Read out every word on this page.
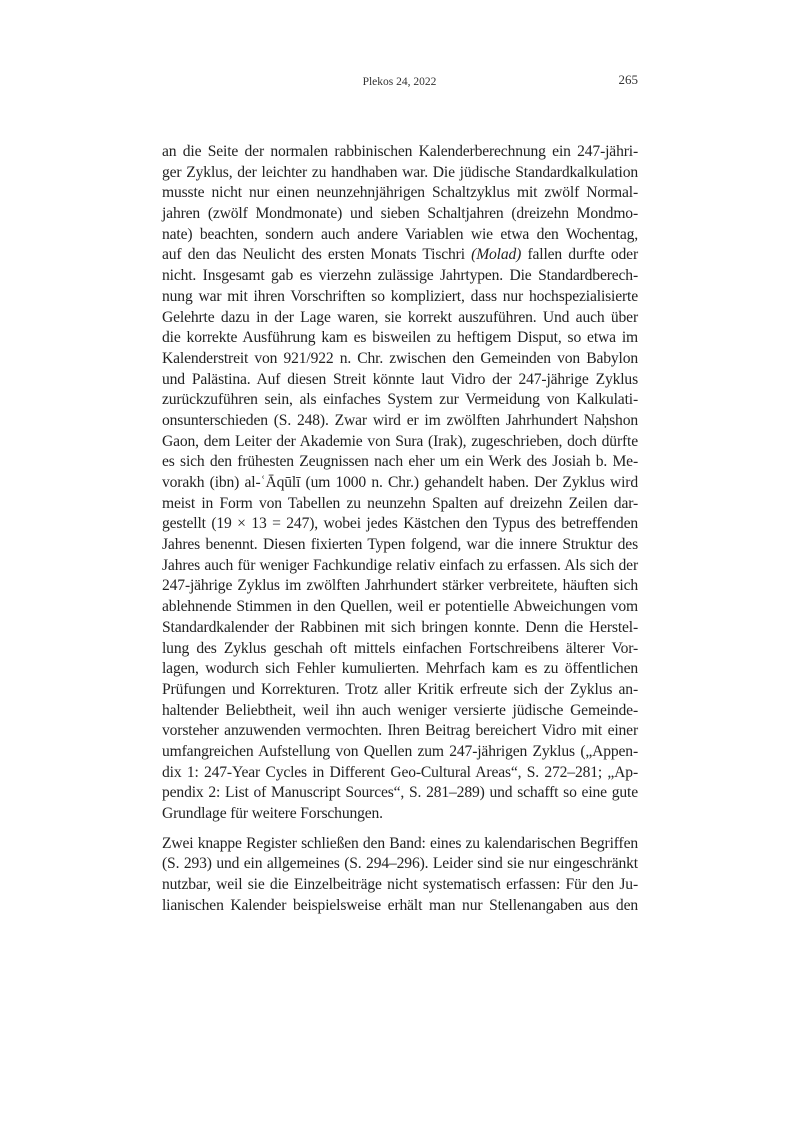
Plekos 24, 2022	265
an die Seite der normalen rabbinischen Kalenderberechnung ein 247-jähri-
ger Zyklus, der leichter zu handhaben war. Die jüdische Standardkalkulation
musste nicht nur einen neunzehnjährigen Schaltzyklus mit zwölf Normal-
jahren (zwölf Mondmonate) und sieben Schaltjahren (dreizehn Mondmo-
nate) beachten, sondern auch andere Variablen wie etwa den Wochentag,
auf den das Neulicht des ersten Monats Tischri (Molad) fallen durfte oder
nicht. Insgesamt gab es vierzehn zulässige Jahrtypen. Die Standardberech-
nung war mit ihren Vorschriften so kompliziert, dass nur hochspezialisierte
Gelehrte dazu in der Lage waren, sie korrekt auszuführen. Und auch über
die korrekte Ausführung kam es bisweilen zu heftigem Disput, so etwa im
Kalenderstreit von 921/922 n. Chr. zwischen den Gemeinden von Babylon
und Palästina. Auf diesen Streit könnte laut Vidro der 247-jährige Zyklus
zurückzuführen sein, als einfaches System zur Vermeidung von Kalkulati-
onsunterschieden (S. 248). Zwar wird er im zwölften Jahrhundert Naḥshon
Gaon, dem Leiter der Akademie von Sura (Irak), zugeschrieben, doch dürfte
es sich den frühesten Zeugnissen nach eher um ein Werk des Josiah b. Me-
vorakh (ibn) al-ʿĀqūlī (um 1000 n. Chr.) gehandelt haben. Der Zyklus wird
meist in Form von Tabellen zu neunzehn Spalten auf dreizehn Zeilen dar-
gestellt (19 × 13 = 247), wobei jedes Kästchen den Typus des betreffenden
Jahres benennt. Diesen fixierten Typen folgend, war die innere Struktur des
Jahres auch für weniger Fachkundige relativ einfach zu erfassen. Als sich der
247-jährige Zyklus im zwölften Jahrhundert stärker verbreitete, häuften sich
ablehnende Stimmen in den Quellen, weil er potentielle Abweichungen vom
Standardkalender der Rabbinen mit sich bringen konnte. Denn die Herstel-
lung des Zyklus geschah oft mittels einfachen Fortschreibens älterer Vor-
lagen, wodurch sich Fehler kumulierten. Mehrfach kam es zu öffentlichen
Prüfungen und Korrekturen. Trotz aller Kritik erfreute sich der Zyklus an-
haltender Beliebtheit, weil ihn auch weniger versierte jüdische Gemeinde-
vorsteher anzuwenden vermochten. Ihren Beitrag bereichert Vidro mit einer
umfangreichen Aufstellung von Quellen zum 247-jährigen Zyklus („Appen-
dix 1: 247-Year Cycles in Different Geo-Cultural Areas“, S. 272–281; „Ap-
pendix 2: List of Manuscript Sources“, S. 281–289) und schafft so eine gute
Grundlage für weitere Forschungen.
Zwei knappe Register schließen den Band: eines zu kalendarischen Begriffen
(S. 293) und ein allgemeines (S. 294–296). Leider sind sie nur eingeschränkt
nutzbar, weil sie die Einzelbeiträge nicht systematisch erfassen: Für den Ju-
lianischen Kalender beispielsweise erhält man nur Stellenangaben aus den
